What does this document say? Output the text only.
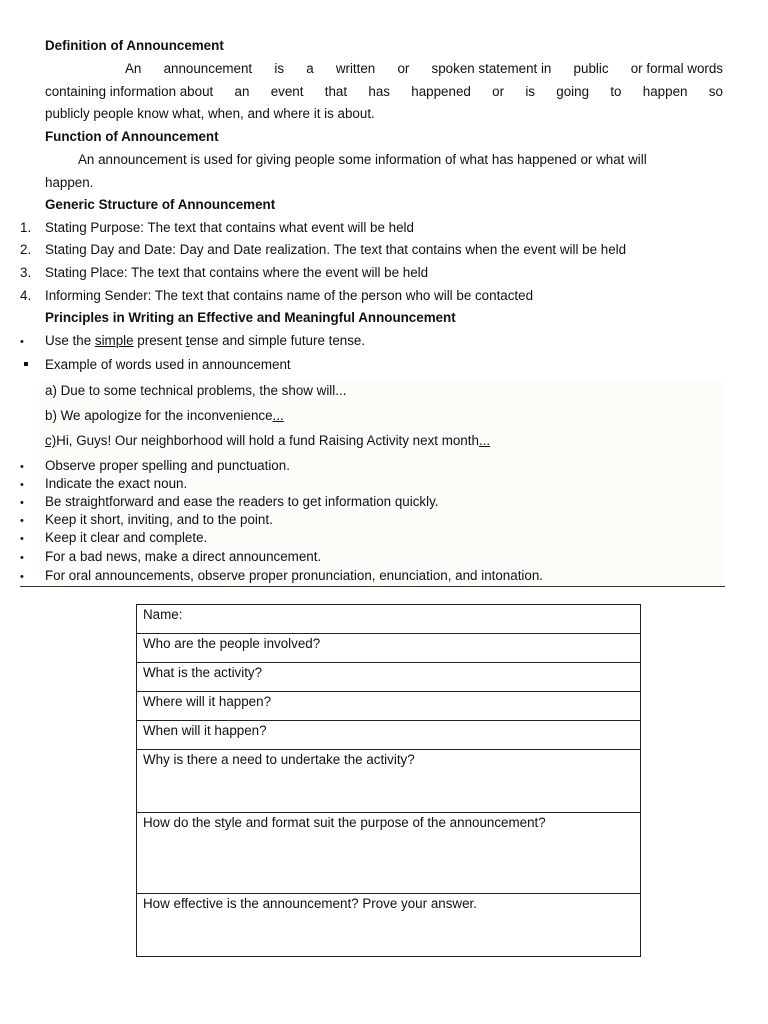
Definition of Announcement
An announcement is a written or spoken statement in public or formal words
containing information about an event that has happened or is going to happen so
publicly people know what, when, and where it is about.
Function of Announcement
An announcement is used for giving people some information of what has happened or what will
happen.
Generic Structure of Announcement
1. Stating Purpose: The text that contains what event will be held
2. Stating Day and Date: Day and Date realization. The text that contains when the event will be held
3. Stating Place: The text that contains where the event will be held
4. Informing Sender: The text that contains name of the person who will be contacted
Principles in Writing an Effective and Meaningful Announcement
• Use the simple present tense and simple future tense.
Example of words used in announcement
a) Due to some technical problems, the show will...
b) We apologize for the inconvenience...
c)Hi, Guys! Our neighborhood will hold a fund Raising Activity next month...
• Observe proper spelling and punctuation.
• Indicate the exact noun.
• Be straightforward and ease the readers to get information quickly.
• Keep it short, inviting, and to the point.
• Keep it clear and complete.
• For a bad news, make a direct announcement.
• For oral announcements, observe proper pronunciation, enunciation, and intonation.
Name:
Who are the people involved?
What is the activity?
Where will it happen?
When will it happen?
Why is there a need to undertake the activity?
How do the style and format suit the purpose of the announcement?
How effective is the announcement? Prove your answer.
